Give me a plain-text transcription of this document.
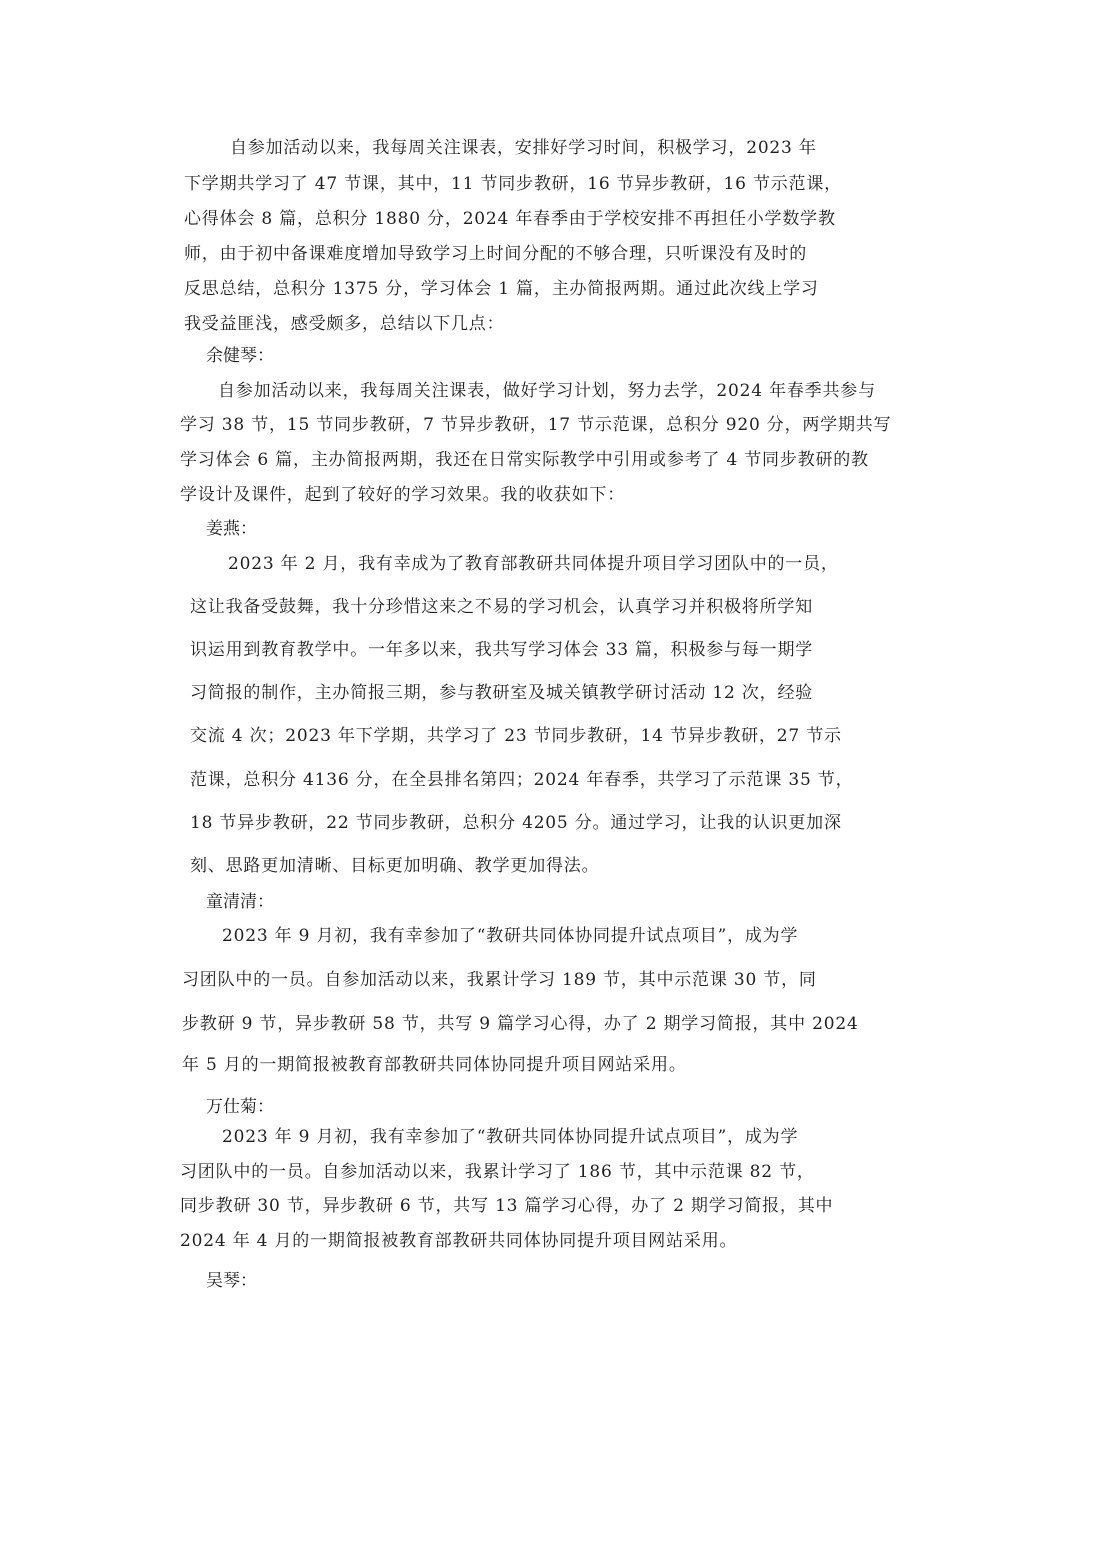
自参加活动以来，我每周关注课表，安排好学习时间，积极学习，2023 年
下学期共学习了 47 节课，其中，11 节同步教研，16 节异步教研，16 节示范课，
心得体会 8 篇，总积分 1880 分，2024 年春季由于学校安排不再担任小学数学教
师，由于初中备课难度增加导致学习上时间分配的不够合理，只听课没有及时的
反思总结，总积分 1375 分，学习体会 1 篇，主办简报两期。通过此次线上学习
我受益匪浅，感受颇多，总结以下几点：
余健琴：
自参加活动以来，我每周关注课表，做好学习计划，努力去学，2024 年春季共参与
学习 38 节，15 节同步教研，7 节异步教研，17 节示范课，总积分 920 分，两学期共写
学习体会 6 篇，主办简报两期，我还在日常实际教学中引用或参考了 4 节同步教研的教
学设计及课件，起到了较好的学习效果。我的收获如下：
姜燕：
2023 年 2 月，我有幸成为了教育部教研共同体提升项目学习团队中的一员，
这让我备受鼓舞，我十分珍惜这来之不易的学习机会，认真学习并积极将所学知
识运用到教育教学中。一年多以来，我共写学习体会 33 篇，积极参与每一期学
习简报的制作，主办简报三期，参与教研室及城关镇教学研讨活动 12 次，经验
交流 4 次；2023 年下学期，共学习了 23 节同步教研，14 节异步教研，27 节示
范课，总积分 4136 分，在全县排名第四；2024 年春季，共学习了示范课 35 节，
18 节异步教研，22 节同步教研，总积分 4205 分。通过学习，让我的认识更加深
刻、思路更加清晰、目标更加明确、教学更加得法。
童清清：
2023 年 9 月初，我有幸参加了“教研共同体协同提升试点项目”，成为学
习团队中的一员。自参加活动以来，我累计学习 189 节，其中示范课 30 节，同
步教研 9 节，异步教研 58 节，共写 9 篇学习心得，办了 2 期学习简报，其中 2024
年 5 月的一期简报被教育部教研共同体协同提升项目网站采用。
万仕菊：
2023 年 9 月初，我有幸参加了“教研共同体协同提升试点项目”，成为学
习团队中的一员。自参加活动以来，我累计学习了 186 节，其中示范课 82 节，
同步教研 30 节，异步教研 6 节，共写 13 篇学习心得，办了 2 期学习简报，其中
2024 年 4 月的一期简报被教育部教研共同体协同提升项目网站采用。
吴琴：
